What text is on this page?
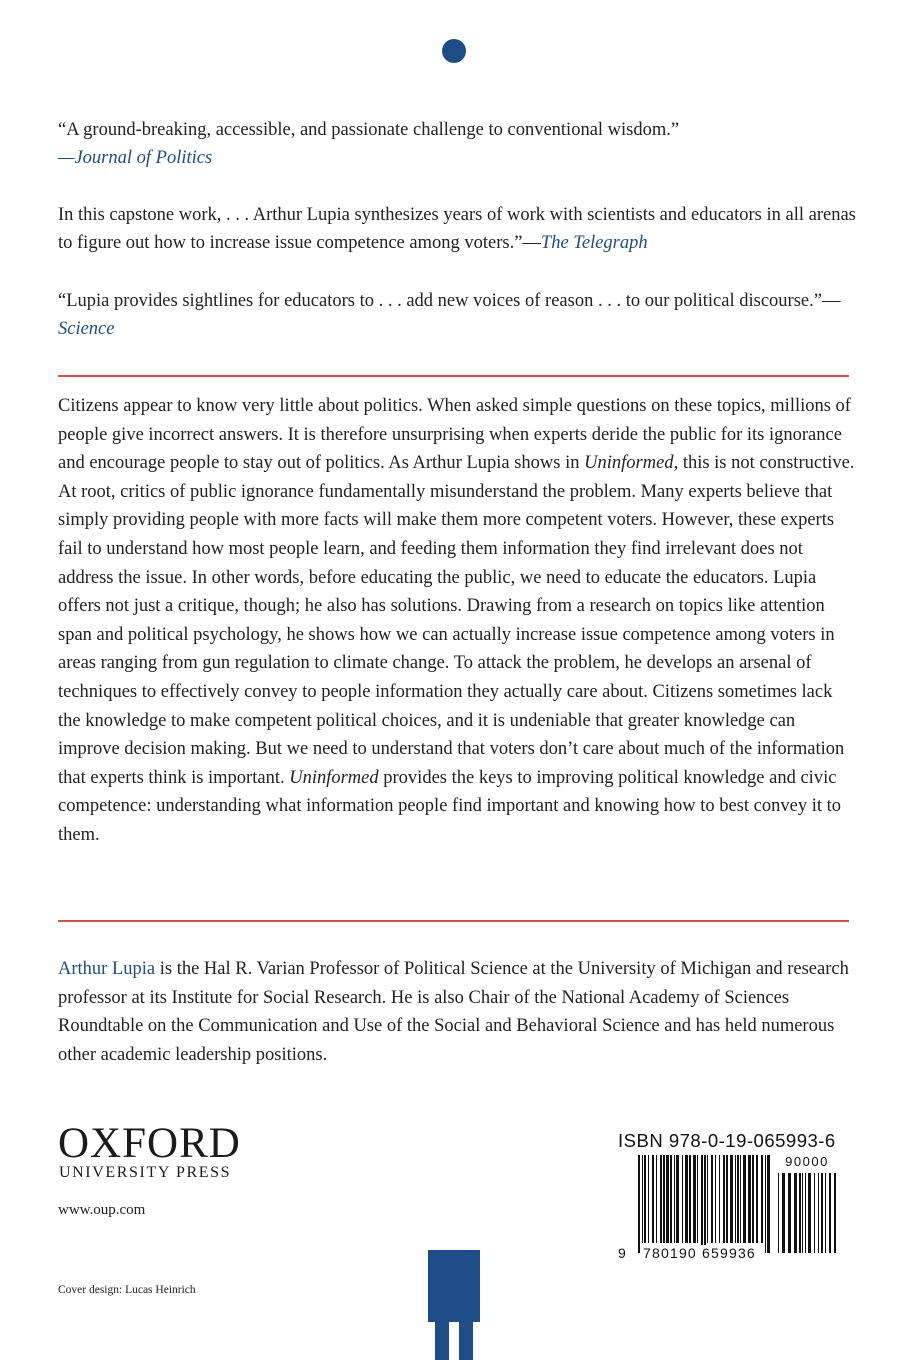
“A ground-breaking, accessible, and passionate challenge to conventional wisdom.”
—Journal of Politics
In this capstone work, . . . Arthur Lupia synthesizes years of work with scientists and educators in all arenas to figure out how to increase issue competence among voters.”—The Telegraph
“Lupia provides sightlines for educators to . . . add new voices of reason . . . to our political discourse.”—Science

Citizens appear to know very little about politics. When asked simple questions on these topics, millions of people give incorrect answers. It is therefore unsurprising when experts deride the public for its ignorance and encourage people to stay out of politics. As Arthur Lupia shows in Uninformed, this is not constructive. At root, critics of public ignorance fundamentally misunderstand the problem. Many experts believe that simply providing people with more facts will make them more competent voters. However, these experts fail to understand how most people learn, and feeding them information they find irrelevant does not address the issue. In other words, before educating the public, we need to educate the educators. Lupia offers not just a critique, though; he also has solutions. Drawing from a research on topics like attention span and political psychology, he shows how we can actually increase issue competence among voters in areas ranging from gun regulation to climate change. To attack the problem, he develops an arsenal of techniques to effectively convey to people information they actually care about. Citizens sometimes lack the knowledge to make competent political choices, and it is undeniable that greater knowledge can improve decision making. But we need to understand that voters don’t care about much of the information that experts think is important. Uninformed provides the keys to improving political knowledge and civic competence: understanding what information people find important and knowing how to best convey it to them.

Arthur Lupia is the Hal R. Varian Professor of Political Science at the University of Michigan and research professor at its Institute for Social Research. He is also Chair of the National Academy of Sciences Roundtable on the Communication and Use of the Social and Behavioral Science and has held numerous other academic leadership positions.
OXFORD
UNIVERSITY PRESS
www.oup.com
Cover design: Lucas Heinrich
ISBN 978-0-19-065993-6
90000
9 780190 659936
